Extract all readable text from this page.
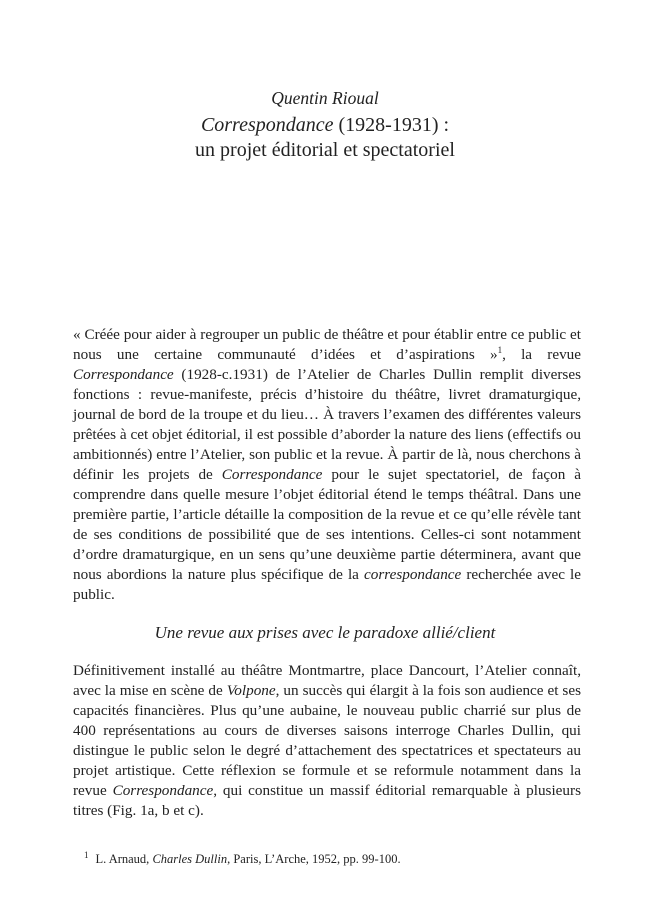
Quentin Rioual

Correspondance (1928-1931) :
un projet éditorial et spectatoriel

« Créée pour aider à regrouper un public de théâtre et pour établir entre ce public et nous une certaine communauté d’idées et d’aspirations »$^1$, la revue Correspondance (1928-c.1931) de l’Atelier de Charles Dullin remplit diverses fonctions : revue-manifeste, précis d’histoire du théâtre, livret dramaturgique, journal de bord de la troupe et du lieu… À travers l’examen des différentes valeurs prêtées à cet objet éditorial, il est possible d’aborder la nature des liens (effectifs ou ambitionnés) entre l’Atelier, son public et la revue. À partir de là, nous cherchons à définir les projets de Correspondance pour le sujet spectatoriel, de façon à comprendre dans quelle mesure l’objet éditorial étend le temps théâtral. Dans une première partie, l’article détaille la composition de la revue et ce qu’elle révèle tant de ses conditions de possibilité que de ses intentions. Celles-ci sont notamment d’ordre dramaturgique, en un sens qu’une deuxième partie déterminera, avant que nous abordions la nature plus spécifique de la correspondance recherchée avec le public.

Une revue aux prises avec le paradoxe allié/client

Définitivement installé au théâtre Montmartre, place Dancourt, l’Atelier connaît, avec la mise en scène de Volpone, un succès qui élargit à la fois son audience et ses capacités financières. Plus qu’une aubaine, le nouveau public charrié sur plus de 400 représentations au cours de diverses saisons interroge Charles Dullin, qui distingue le public selon le degré d’attachement des spectatrices et spectateurs au projet artistique. Cette réflexion se formule et se reformule notamment dans la revue Correspondance, qui constitue un massif éditorial remarquable à plusieurs titres (Fig. 1a, b et c).

$^1$ L. Arnaud, Charles Dullin, Paris, L’Arche, 1952, pp. 99-100.
